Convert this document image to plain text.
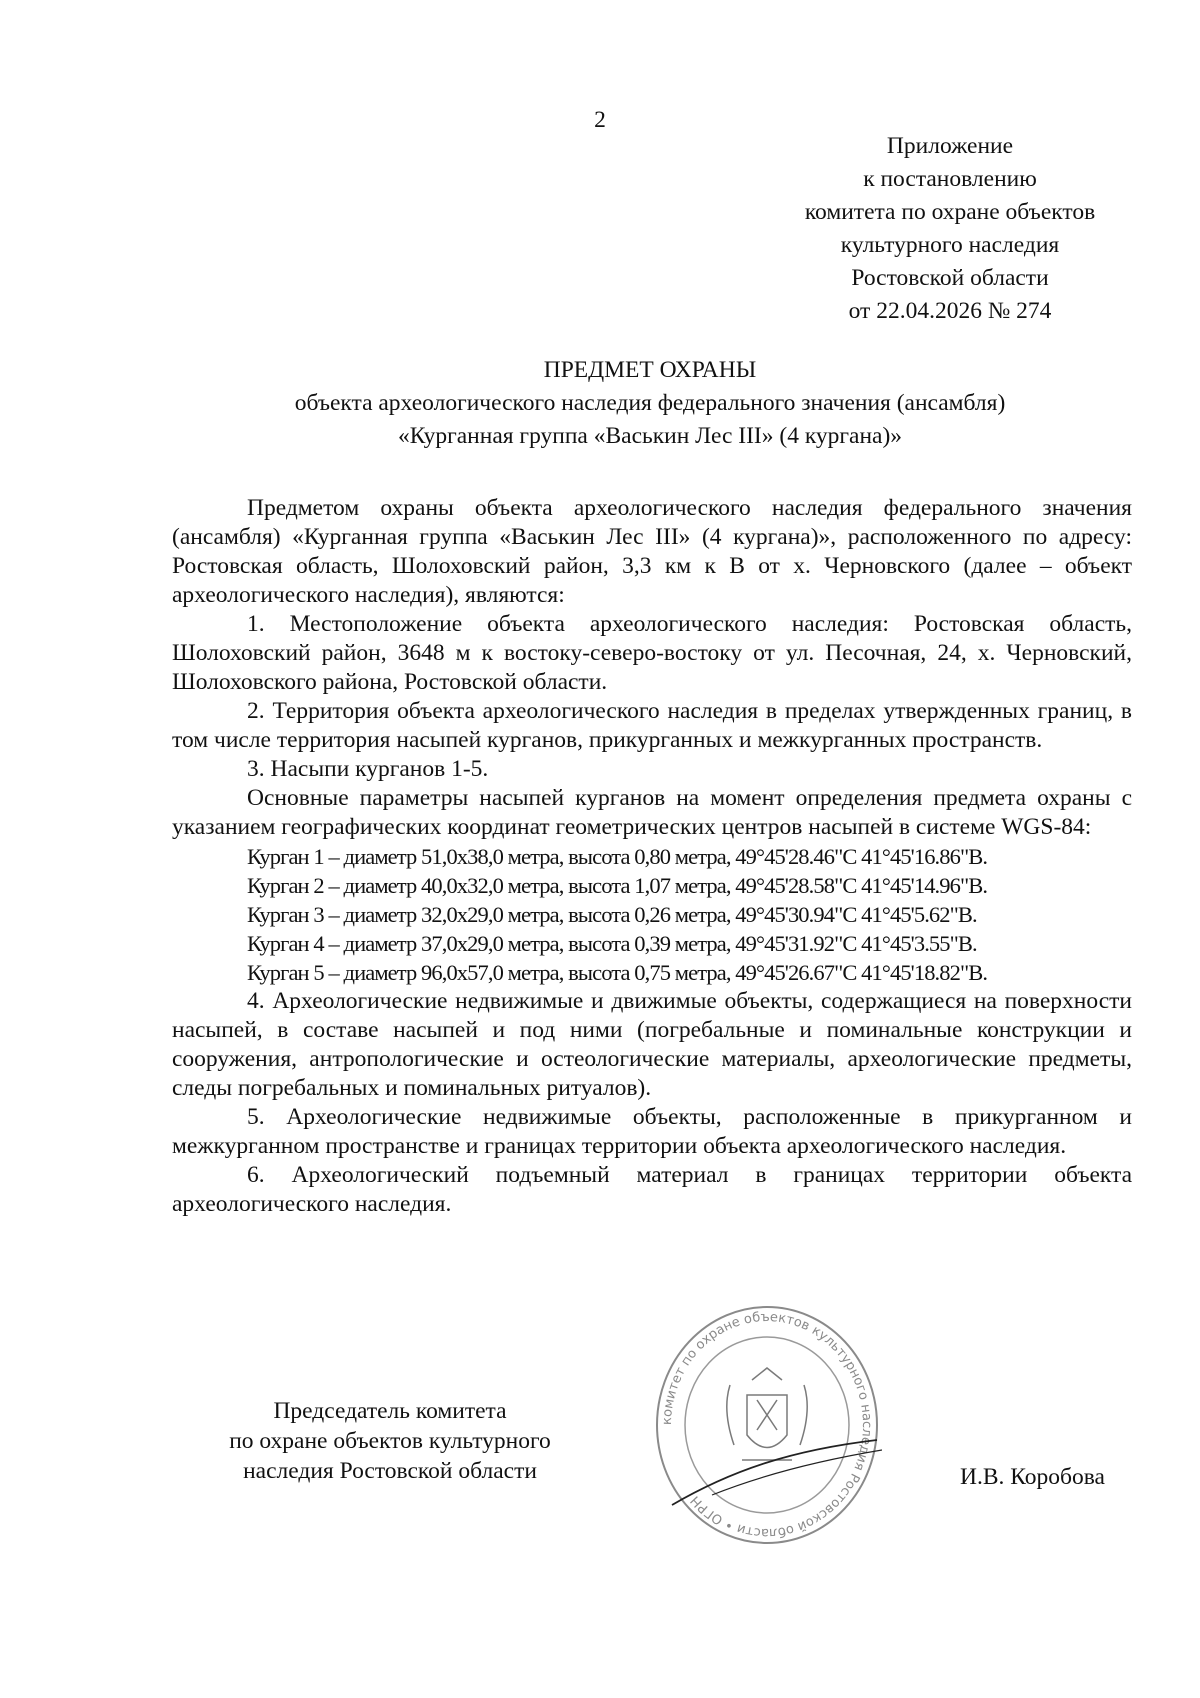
2
Приложение
к постановлению
комитета по охране объектов
культурного наследия
Ростовской области
от 22.04.2026 № 274
ПРЕДМЕТ ОХРАНЫ
объекта археологического наследия федерального значения (ансамбля)
«Курганная группа «Васькин Лес III» (4 кургана)»

Предметом охраны объекта археологического наследия федерального значения (ансамбля) «Курганная группа «Васькин Лес III» (4 кургана)», расположенного по адресу: Ростовская область, Шолоховский район, 3,3 км к В от х. Черновского (далее – объект археологического наследия), являются:

1. Местоположение объекта археологического наследия: Ростовская область, Шолоховский район, 3648 м к востоку-северо-востоку от ул. Песочная, 24, х. Черновский, Шолоховского района, Ростовской области.

2. Территория объекта археологического наследия в пределах утвержденных границ, в том числе территория насыпей курганов, прикурганных и межкурганных пространств.

3. Насыпи курганов 1-5.

Основные параметры насыпей курганов на момент определения предмета охраны с указанием географических координат геометрических центров насыпей в системе WGS-84:

Курган 1 – диаметр 51,0х38,0 метра, высота 0,80 метра, 49°45'28.46"С 41°45'16.86"В.
Курган 2 – диаметр 40,0х32,0 метра, высота 1,07 метра, 49°45'28.58"С 41°45'14.96"В.
Курган 3 – диаметр 32,0х29,0 метра, высота 0,26 метра, 49°45'30.94"С 41°45'5.62"В.
Курган 4 – диаметр 37,0х29,0 метра, высота 0,39 метра, 49°45'31.92"С 41°45'3.55"В.
Курган 5 – диаметр 96,0х57,0 метра, высота 0,75 метра, 49°45'26.67"С 41°45'18.82"В.

4. Археологические недвижимые и движимые объекты, содержащиеся на поверхности насыпей, в составе насыпей и под ними (погребальные и поминальные конструкции и сооружения, антропологические и остеологические материалы, археологические предметы, следы погребальных и поминальных ритуалов).

5. Археологические недвижимые объекты, расположенные в прикурганном и межкурганном пространстве и границах территории объекта археологического наследия.

6. Археологический подъемный материал в границах территории объекта археологического наследия.

Председатель комитета
по охране объектов культурного
наследия Ростовской области
комитет по охране объектов культурного наследия Ростовской области • ОГРН
И.В. Коробова
